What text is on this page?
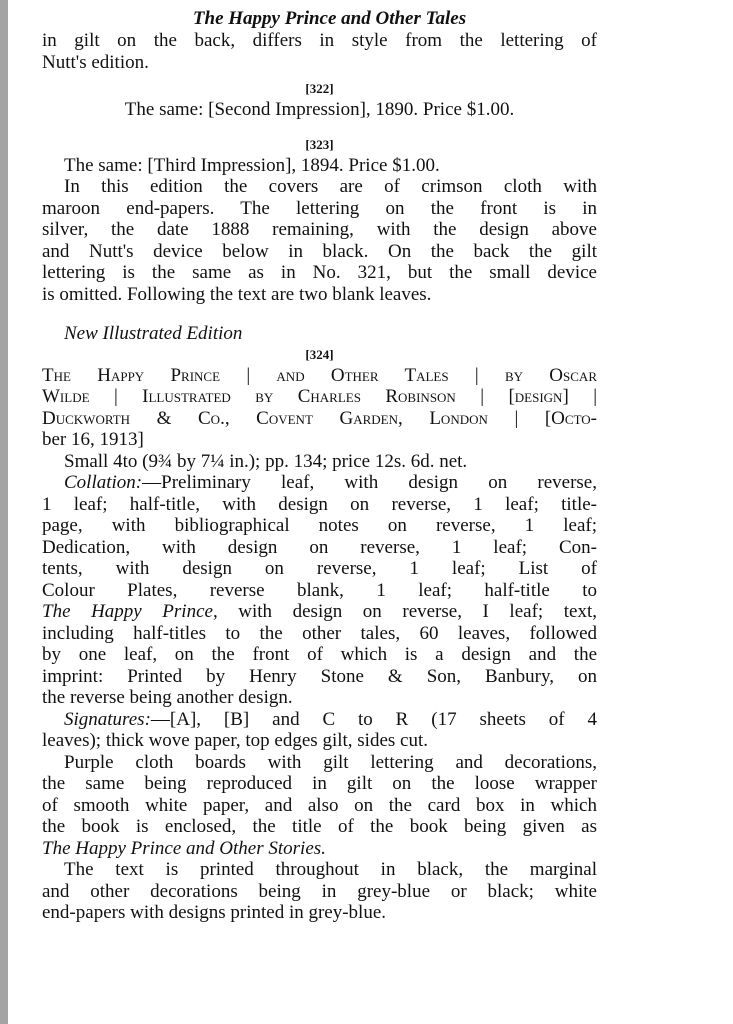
The Happy Prince and Other Tales
in gilt on the back, differs in style from the lettering of
Nutt's edition.
[322]
The same: [Second Impression], 1890. Price $1.00.
[323]
The same: [Third Impression], 1894. Price $1.00.
In this edition the covers are of crimson cloth with
maroon end-papers. The lettering on the front is in
silver, the date 1888 remaining, with the design above
and Nutt's device below in black. On the back the gilt
lettering is the same as in No. 321, but the small device
is omitted. Following the text are two blank leaves.
New Illustrated Edition
[324]
The Happy Prince | and Other Tales | by Oscar
Wilde | Illustrated by Charles Robinson | [design] |
Duckworth & Co., Covent Garden, London | [Octo-
ber 16, 1913]
Small 4to (9¾ by 7¼ in.); pp. 134; price 12s. 6d. net.
Collation:—Preliminary leaf, with design on reverse,
1 leaf; half-title, with design on reverse, 1 leaf; title-
page, with bibliographical notes on reverse, 1 leaf;
Dedication, with design on reverse, 1 leaf; Con-
tents, with design on reverse, 1 leaf; List of
Colour Plates, reverse blank, 1 leaf; half-title to
The Happy Prince, with design on reverse, I leaf; text,
including half-titles to the other tales, 60 leaves, followed
by one leaf, on the front of which is a design and the
imprint: Printed by Henry Stone & Son, Banbury, on
the reverse being another design.
Signatures:—[A], [B] and C to R (17 sheets of 4
leaves); thick wove paper, top edges gilt, sides cut.
Purple cloth boards with gilt lettering and decorations,
the same being reproduced in gilt on the loose wrapper
of smooth white paper, and also on the card box in which
the book is enclosed, the title of the book being given as
The Happy Prince and Other Stories.
The text is printed throughout in black, the marginal
and other decorations being in grey-blue or black; white
end-papers with designs printed in grey-blue.
